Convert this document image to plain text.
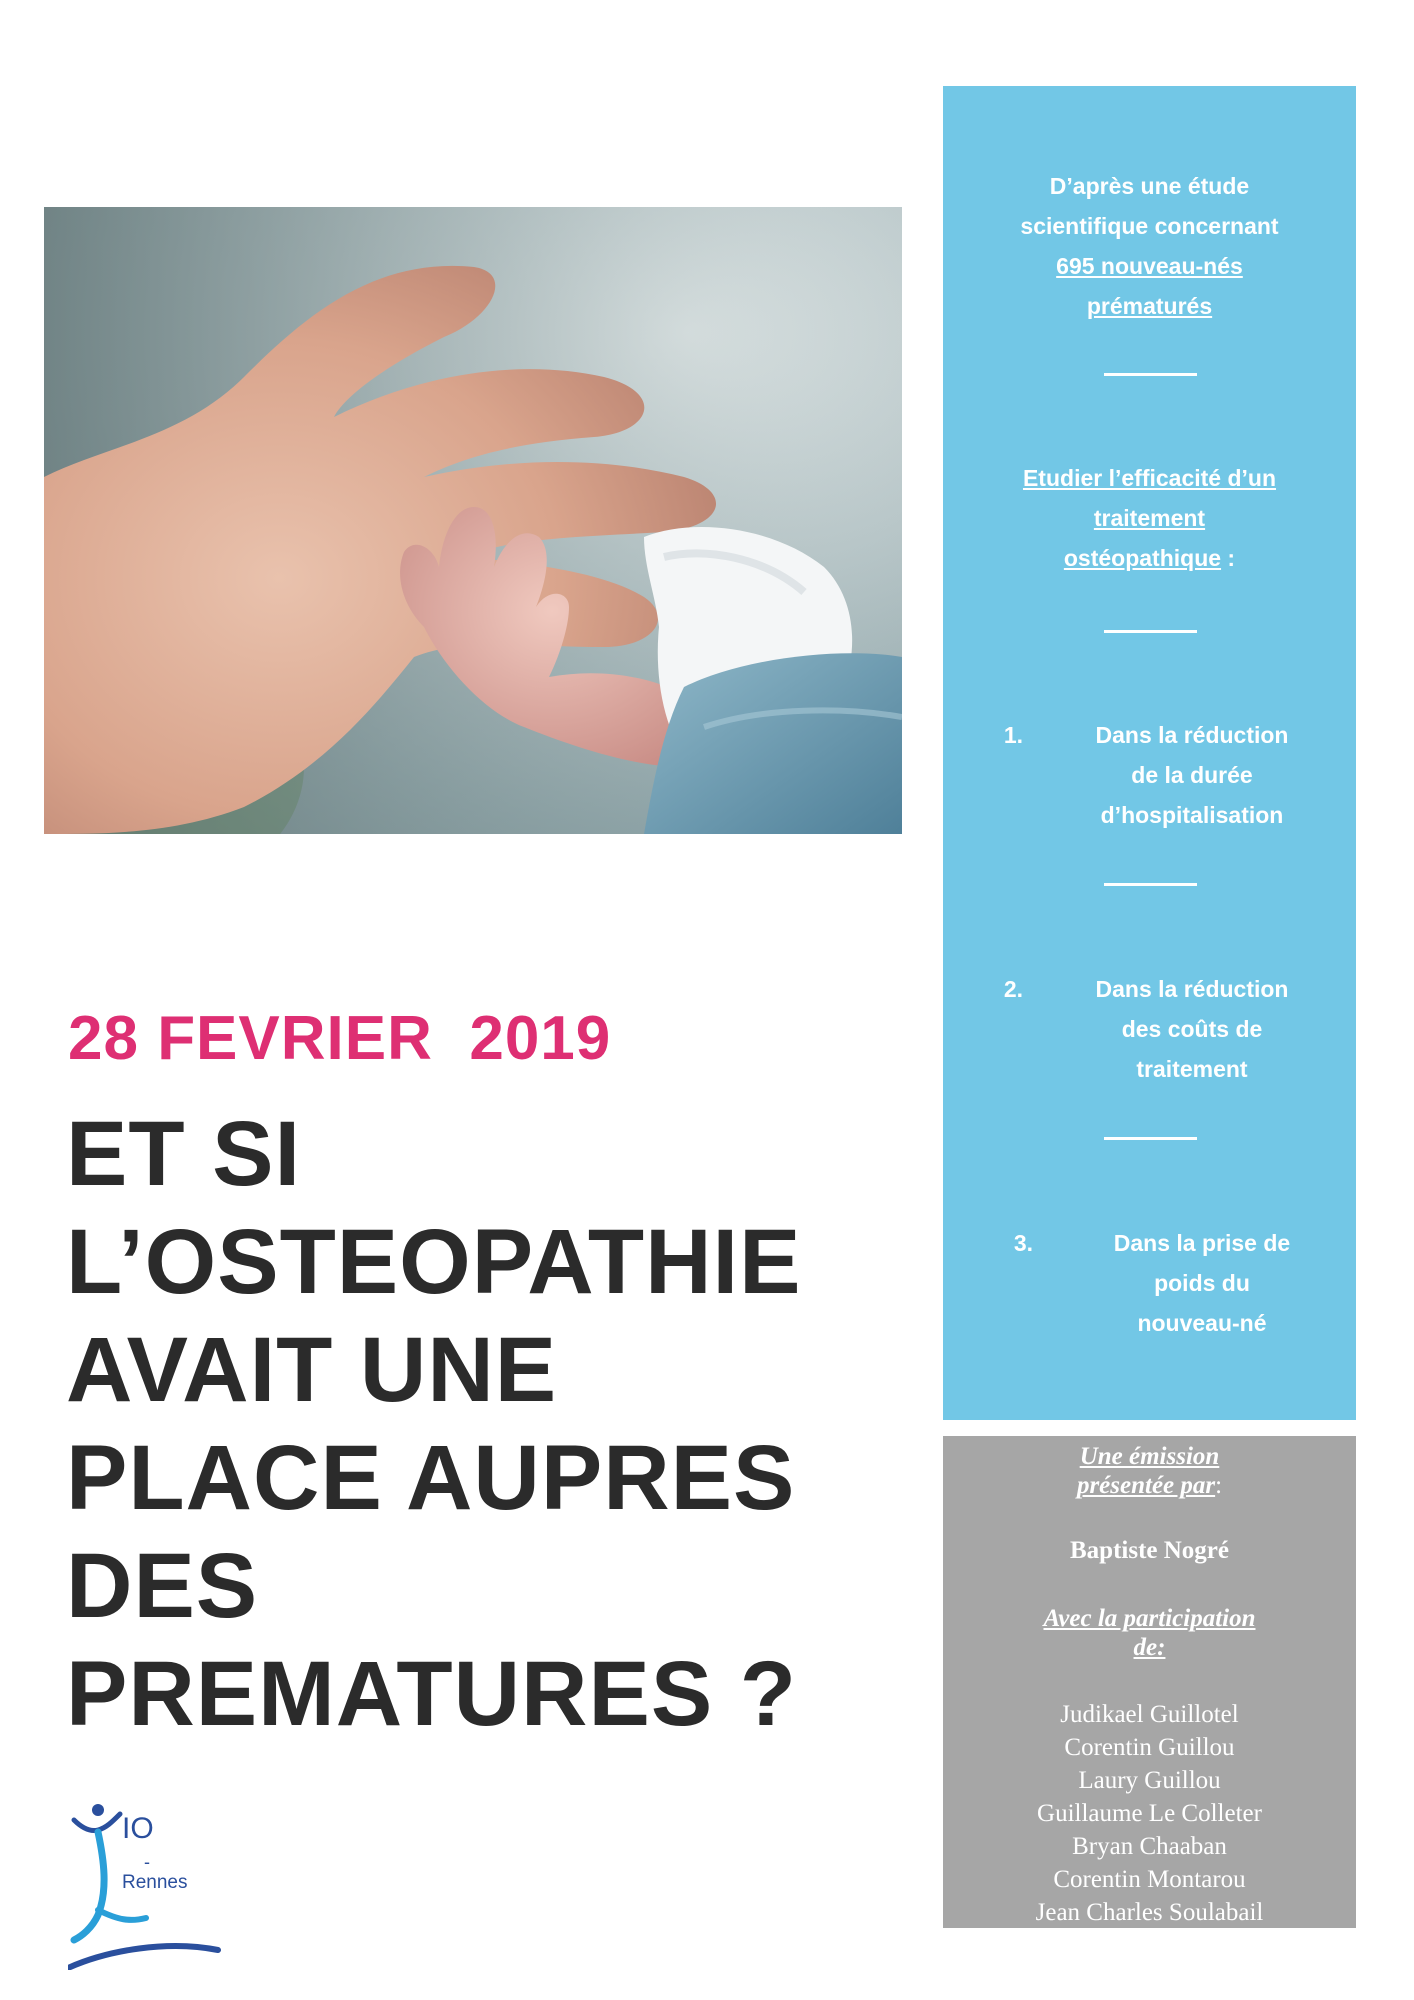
28 FEVRIER  2019
ET SI
L’OSTEOPATHIE
AVAIT UNE
PLACE AUPRES
DES
PREMATURES ?
IO
-
Rennes
D’après une étude
scientifique concernant
695 nouveau-nés
prématurés
Etudier l’efficacité d’un
traitement
ostéopathique :
1.	Dans la réduction
de la durée
d’hospitalisation
2.	Dans la réduction
des coûts de
traitement
3.	Dans la prise de
poids du
nouveau-né
Une émission
présentée par:
Baptiste Nogré
Avec la participation
de:
Judikael Guillotel
Corentin Guillou
Laury Guillou
Guillaume Le Colleter
Bryan Chaaban
Corentin Montarou
Jean Charles Soulabail
